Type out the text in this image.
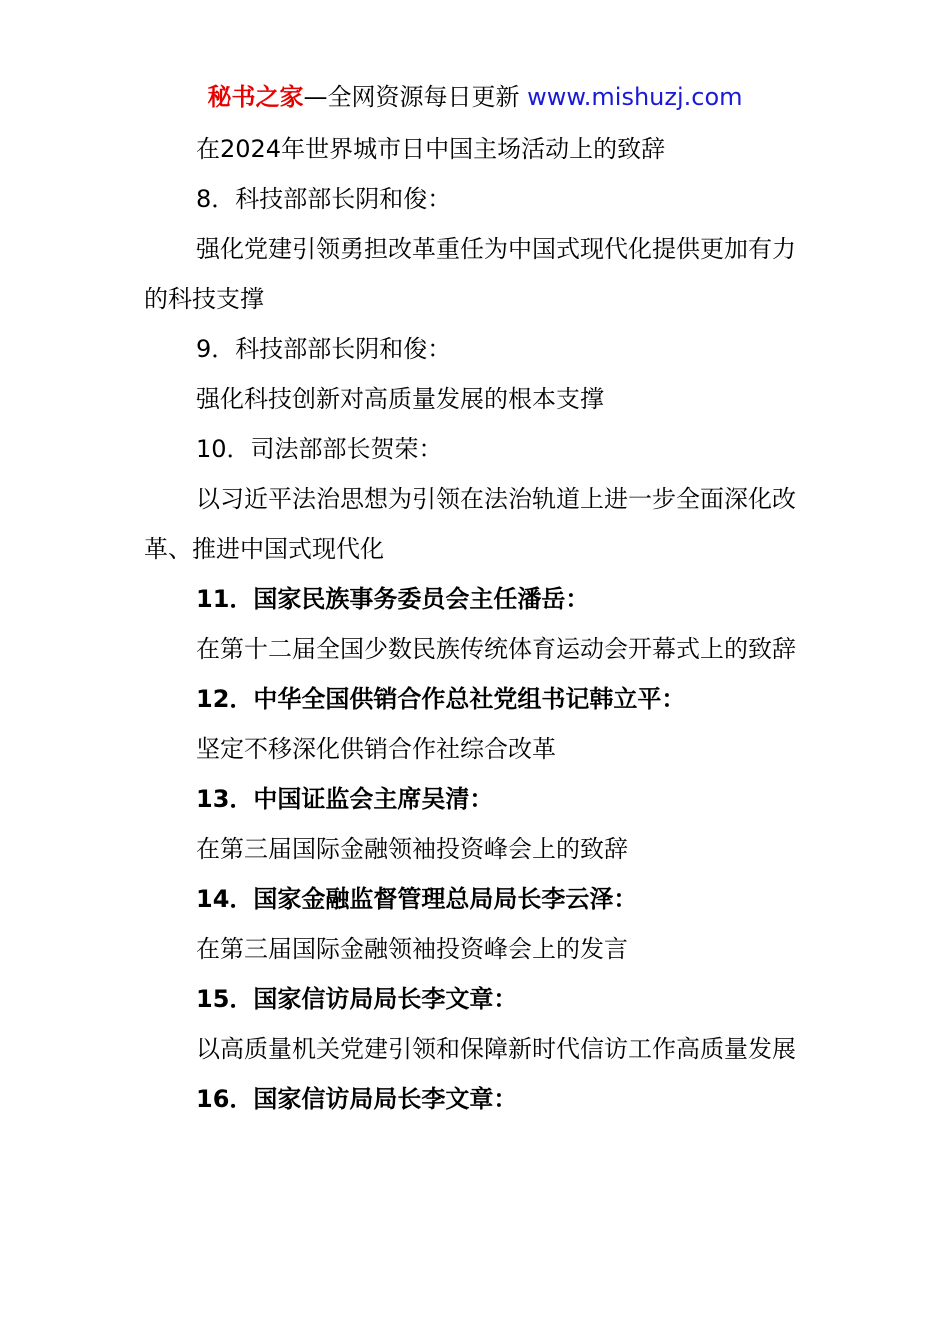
秘书之家—全网资源每日更新 www.mishuzj.com

在2024年世界城市日中国主场活动上的致辞

8．科技部部长阴和俊：

强化党建引领勇担改革重任为中国式现代化提供更加有力的科技支撑

9．科技部部长阴和俊：

强化科技创新对高质量发展的根本支撑

10．司法部部长贺荣：

以习近平法治思想为引领在法治轨道上进一步全面深化改革、推进中国式现代化

11．国家民族事务委员会主任潘岳：

在第十二届全国少数民族传统体育运动会开幕式上的致辞

12．中华全国供销合作总社党组书记韩立平：

坚定不移深化供销合作社综合改革

13．中国证监会主席吴清：

在第三届国际金融领袖投资峰会上的致辞

14．国家金融监督管理总局局长李云泽：

在第三届国际金融领袖投资峰会上的发言

15．国家信访局局长李文章：

以高质量机关党建引领和保障新时代信访工作高质量发展

16．国家信访局局长李文章：
